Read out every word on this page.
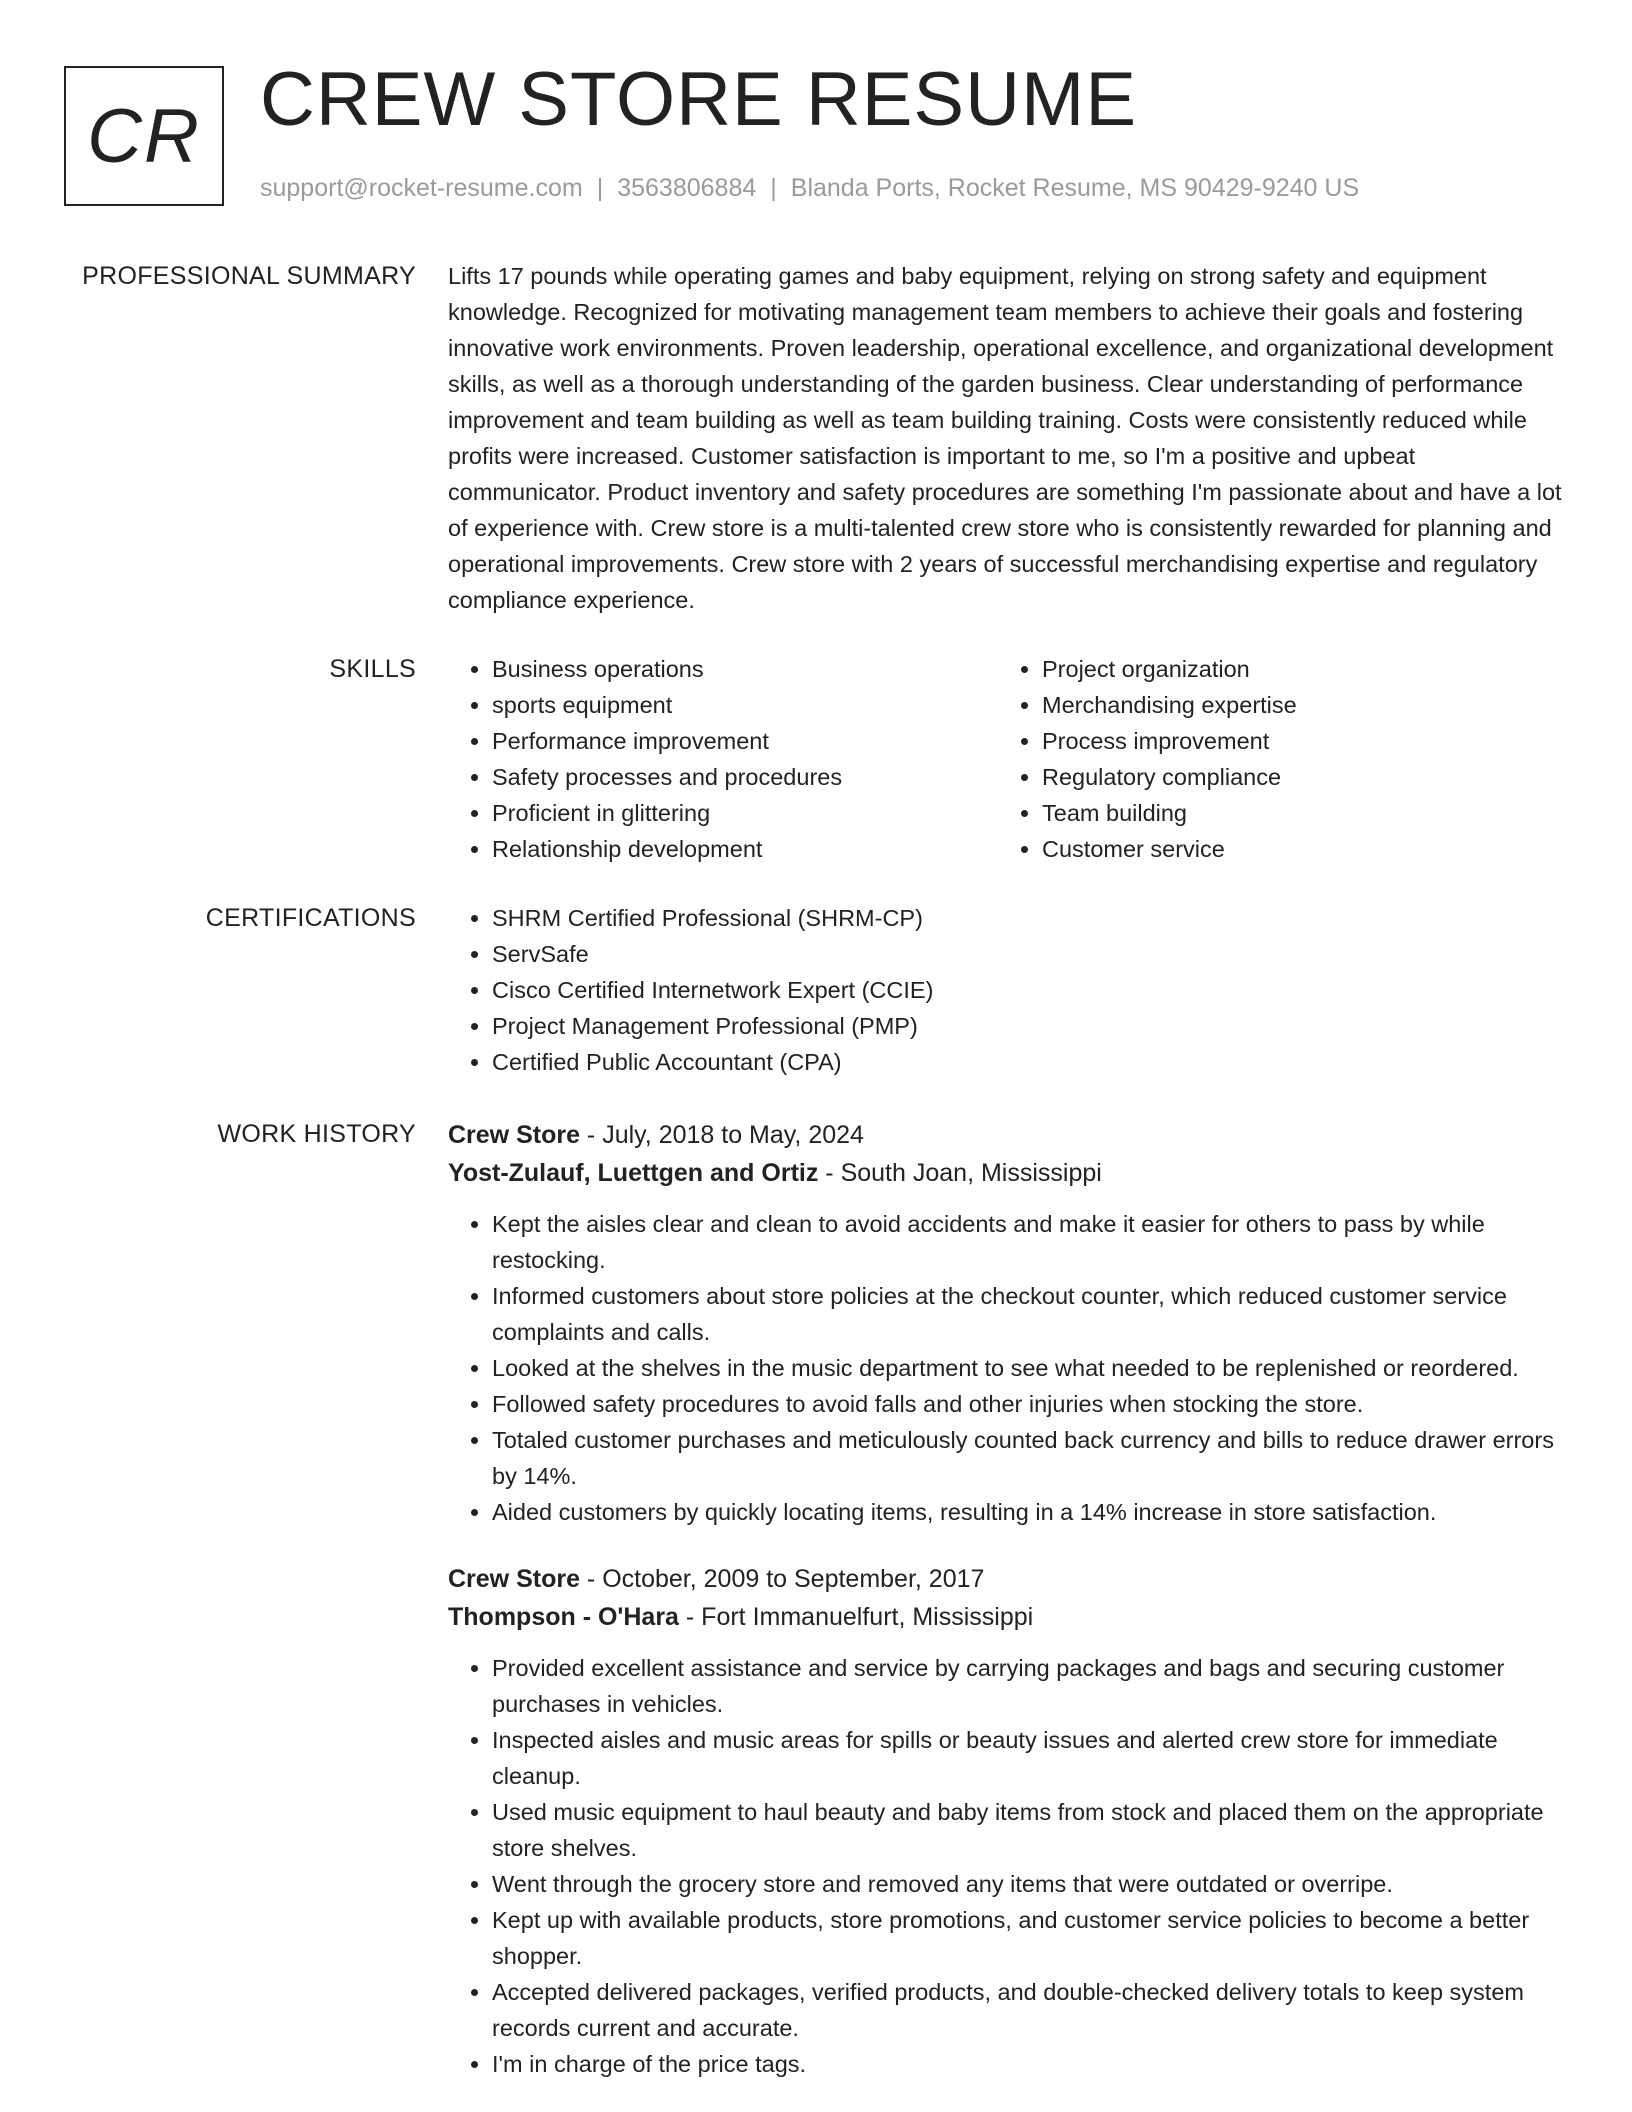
CR CREW STORE RESUME
support@rocket-resume.com | 3563806884 | Blanda Ports, Rocket Resume, MS 90429-9240 US
PROFESSIONAL SUMMARY Lifts 17 pounds while operating games and baby equipment, relying on strong safety and equipment knowledge. Recognized for motivating management team members to achieve their goals and fostering innovative work environments. Proven leadership, operational excellence, and organizational development skills, as well as a thorough understanding of the garden business. Clear understanding of performance improvement and team building as well as team building training. Costs were consistently reduced while profits were increased. Customer satisfaction is important to me, so I'm a positive and upbeat communicator. Product inventory and safety procedures are something I'm passionate about and have a lot of experience with. Crew store is a multi-talented crew store who is consistently rewarded for planning and operational improvements. Crew store with 2 years of successful merchandising expertise and regulatory compliance experience.

SKILLS	• Business operations
• sports equipment
• Performance improvement
• Safety processes and procedures
• Proficient in glittering
• Relationship development
• Project organization
• Merchandising expertise
• Process improvement
• Regulatory compliance
• Team building
• Customer service
CERTIFICATIONS	• SHRM Certified Professional (SHRM-CP)
• ServSafe
• Cisco Certified Internetwork Expert (CCIE)
• Project Management Professional (PMP)
• Certified Public Accountant (CPA)
WORK HISTORY Crew Store - July, 2018 to May, 2024
Yost-Zulauf, Luettgen and Ortiz - South Joan, Mississippi
• Kept the aisles clear and clean to avoid accidents and make it easier for others to pass by while restocking.
• Informed customers about store policies at the checkout counter, which reduced customer service complaints and calls.
• Looked at the shelves in the music department to see what needed to be replenished or reordered.
• Followed safety procedures to avoid falls and other injuries when stocking the store.
• Totaled customer purchases and meticulously counted back currency and bills to reduce drawer errors by 14%.
• Aided customers by quickly locating items, resulting in a 14% increase in store satisfaction.
Crew Store - October, 2009 to September, 2017
Thompson - O'Hara - Fort Immanuelfurt, Mississippi
• Provided excellent assistance and service by carrying packages and bags and securing customer purchases in vehicles.
• Inspected aisles and music areas for spills or beauty issues and alerted crew store for immediate cleanup.
• Used music equipment to haul beauty and baby items from stock and placed them on the appropriate store shelves.
• Went through the grocery store and removed any items that were outdated or overripe.
• Kept up with available products, store promotions, and customer service policies to become a better shopper.
• Accepted delivered packages, verified products, and double-checked delivery totals to keep system records current and accurate.
• I'm in charge of the price tags.
